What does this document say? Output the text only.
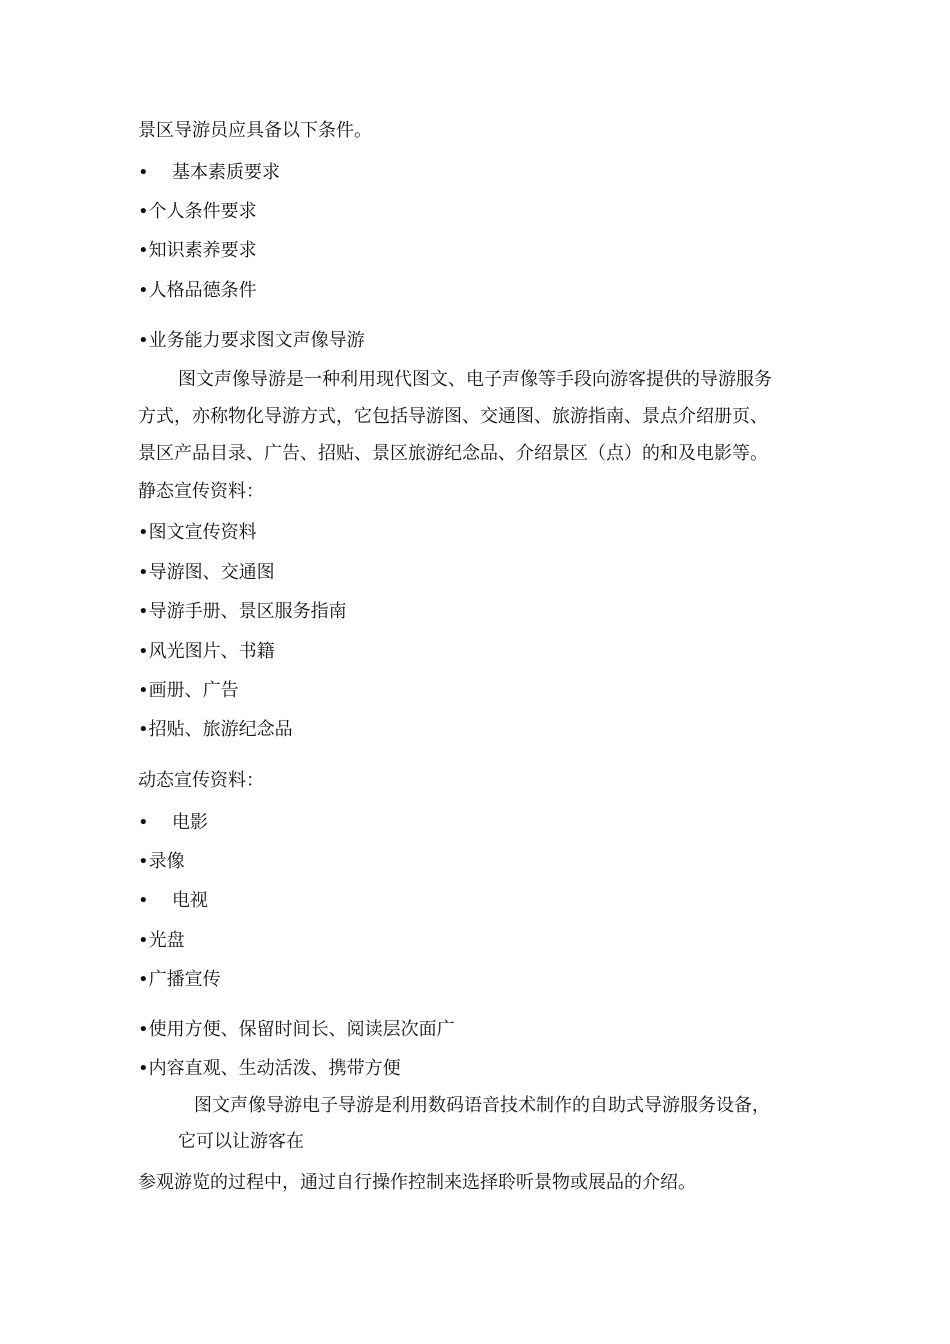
景区导游员应具备以下条件。
• 基本素质要求
•个人条件要求
•知识素养要求
•人格品德条件
•业务能力要求图文声像导游
图文声像导游是一种利用现代图文、电子声像等手段向游客提供的导游服务
方式，亦称物化导游方式，它包括导游图、交通图、旅游指南、景点介绍册页、
景区产品目录、广告、招贴、景区旅游纪念品、介绍景区（点）的和及电影等。
静态宣传资料：
•图文宣传资料
•导游图、交通图
•导游手册、景区服务指南
•风光图片、书籍
•画册、广告
•招贴、旅游纪念品
动态宣传资料：
• 电影
•录像
• 电视
•光盘
•广播宣传
•使用方便、保留时间长、阅读层次面广
•内容直观、生动活泼、携带方便
图文声像导游电子导游是利用数码语音技术制作的自助式导游服务设备，
它可以让游客在
参观游览的过程中，通过自行操作控制来选择聆听景物或展品的介绍。
